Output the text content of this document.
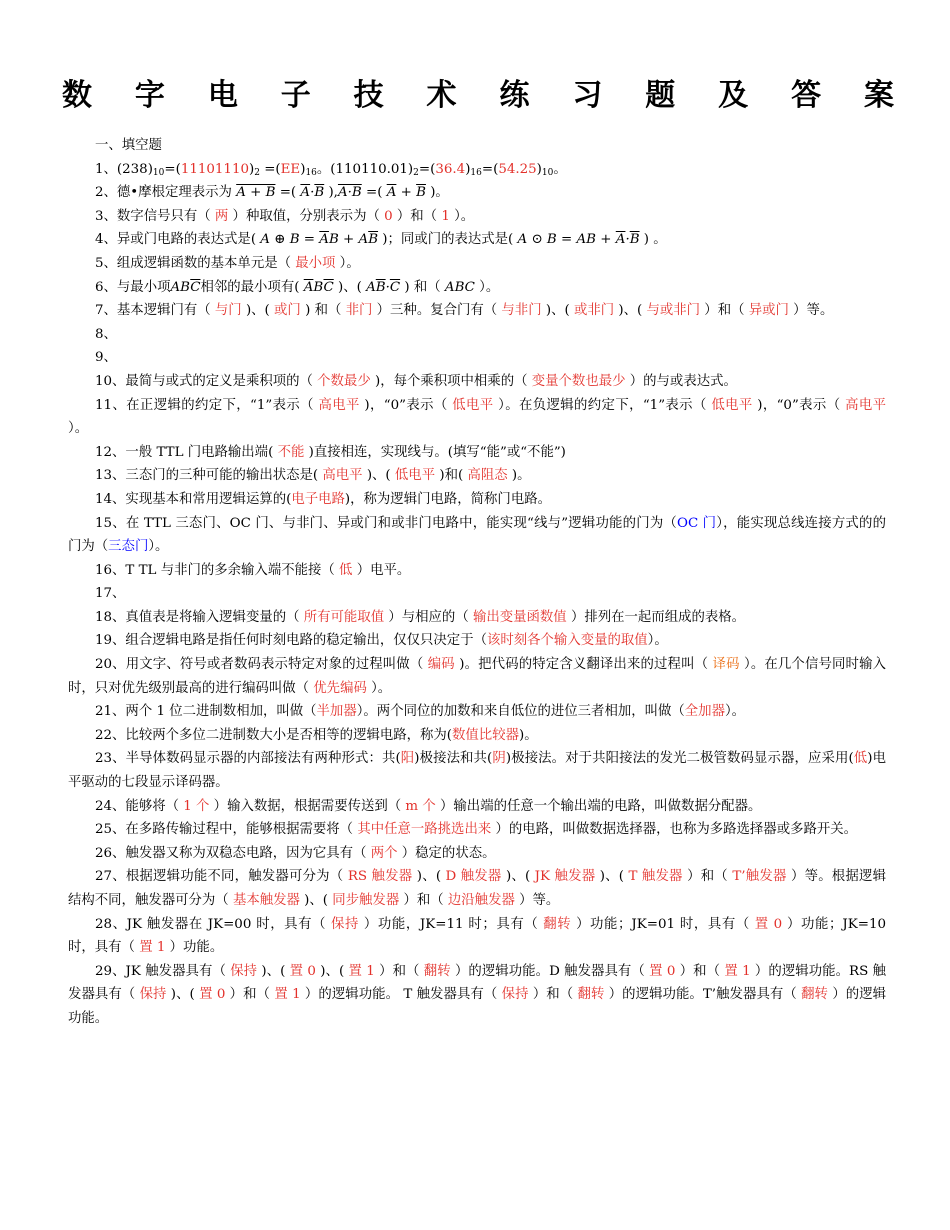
数 字 电 子 技 术 练 习 题 及 答 案

一、填空题

1、$(238)_{10}=(11101110)_2 =(EE)_{16}$。$(110110.01)_2=(36.4)_{16}=(54.25)_{10}$。

2、德•摩根定理表示为 A + B =( $\overline{A}\cdot\overline{B}$ ),A·B =( $\overline{A} + \overline{B}$ )。

3、数字信号只有（ 两 ）种取值，分别表示为（ 0 ）和（ 1 ）。

4、异或门电路的表达式是( A ⊕ $B = \overline{A}B + A\overline{B}$ )；同或门的表达式是( A ⊙ B = AB + $\overline{A}\cdot\overline{B}$ ) 。

5、组成逻辑函数的基本单元是（ 最小项 ）。

6、与最小项$AB\overline{C}$相邻的最小项有( $\overline{A}B\overline{C}$ )、( $A\overline{B}\cdot\overline{C}$ ) 和（ ABC ）。

7、基本逻辑门有（ 与门 )、( 或门 ) 和（ 非门 ）三种。复合门有（ 与非门 )、( 或非门 )、( 与或非门 ）和（ 异或门 ）等。

8、

9、

10、最简与或式的定义是乘积项的（ 个数最少 )，每个乘积项中相乘的（ 变量个数也最少 ）的与或表达式。

11、在正逻辑的约定下，“1”表示（ 高电平 )，“0”表示（ 低电平 ）。在负逻辑的约定下，“1”表示（ 低电平 )，“0”表示（ 高电平 ）。

12、一般 TTL 门电路输出端( 不能 )直接相连，实现线与。(填写“能”或“不能”)

13、三态门的三种可能的输出状态是( 高电平 )、( 低电平 )和( 高阻态 )。

14、实现基本和常用逻辑运算的(电子电路)，称为逻辑门电路，简称门电路。

15、在 TTL 三态门、OC 门、与非门、异或门和或非门电路中，能实现“线与”逻辑功能的门为（OC 门），能实现总线连接方式的的门为（三态门）。

16、T TL 与非门的多余输入端不能接（ 低 ）电平。

17、

18、真值表是将输入逻辑变量的（ 所有可能取值 ）与相应的（ 输出变量函数值 ）排列在一起而组成的表格。

19、组合逻辑电路是指任何时刻电路的稳定输出，仅仅只决定于（该时刻各个输入变量的取值）。

20、用文字、符号或者数码表示特定对象的过程叫做（ 编码 )。把代码的特定含义翻译出来的过程叫（ 译码 ）。在几个信号同时输入时，只对优先级别最高的进行编码叫做（ 优先编码 ）。

21、两个 1 位二进制数相加，叫做（半加器）。两个同位的加数和来自低位的进位三者相加，叫做（全加器）。

22、比较两个多位二进制数大小是否相等的逻辑电路，称为(数值比较器)。

23、半导体数码显示器的内部接法有两种形式：共(阳)极接法和共(阴)极接法。对于共阳接法的发光二极管数码显示器，应采用(低)电平驱动的七段显示译码器。

24、能够将（ 1 个 ）输入数据，根据需要传送到（ m 个 ）输出端的任意一个输出端的电路，叫做数据分配器。

25、在多路传输过程中，能够根据需要将（ 其中任意一路挑选出来 ）的电路，叫做数据选择器，也称为多路选择器或多路开关。

26、触发器又称为双稳态电路，因为它具有（ 两个 ）稳定的状态。

27、根据逻辑功能不同，触发器可分为（ RS 触发器 )、( D 触发器 )、( JK 触发器 )、( T 触发器 ）和（ T’触发器 ）等。根据逻辑结构不同，触发器可分为（ 基本触发器 )、( 同步触发器 ）和（ 边沿触发器 ）等。

28、JK 触发器在 JK=00 时，具有（ 保持 ）功能，JK=11 时；具有（ 翻转 ）功能；JK=01 时，具有（ 置 0 ）功能；JK=10 时，具有（ 置 1 ）功能。

29、JK 触发器具有（ 保持 )、( 置 0 )、( 置 1 ）和（ 翻转 ）的逻辑功能。D 触发器具有（ 置 0 ）和（ 置 1 ）的逻辑功能。RS 触发器具有（ 保持 )、( 置 0 ）和（ 置 1 ）的逻辑功能。 T 触发器具有（ 保持 ）和（ 翻转 ）的逻辑功能。T’触发器具有（ 翻转 ）的逻辑功能。
